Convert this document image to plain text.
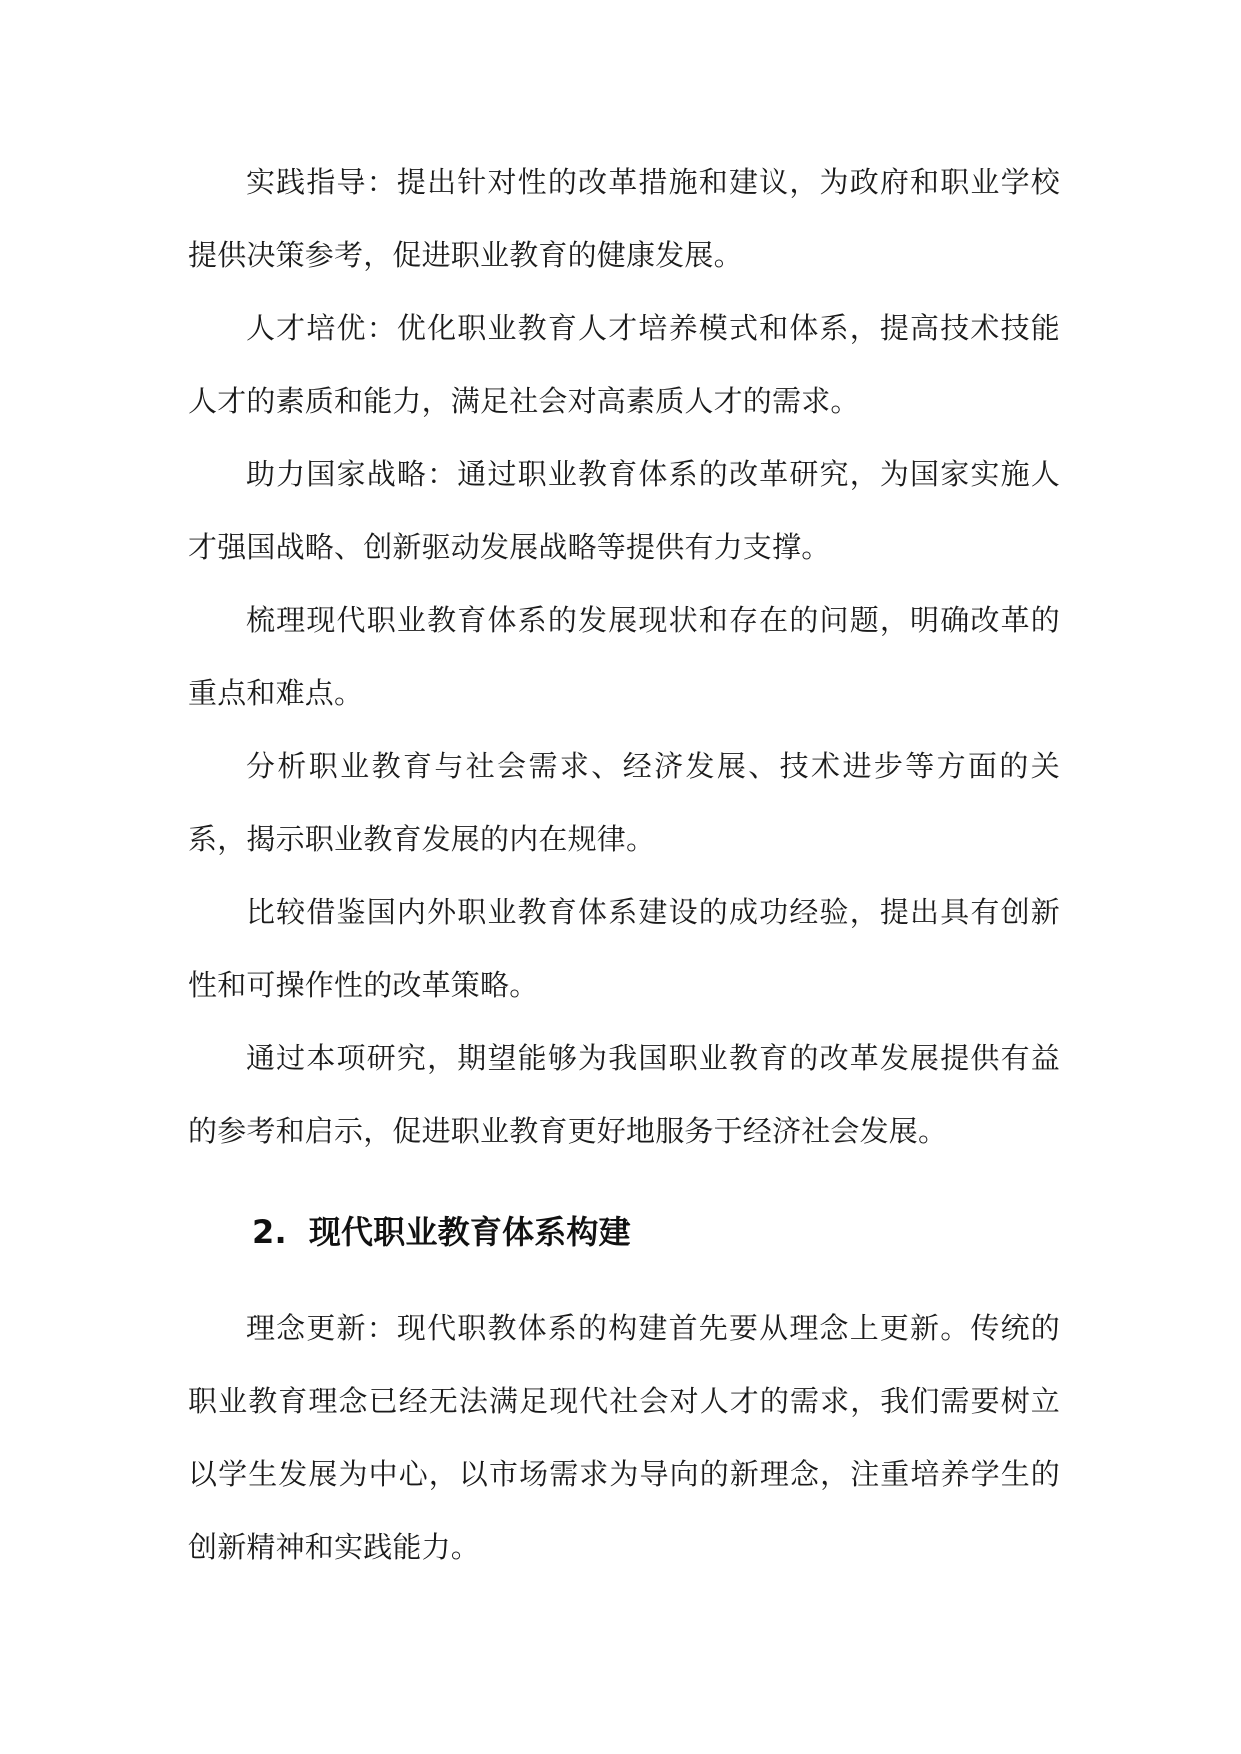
实践指导：提出针对性的改革措施和建议，为政府和职业学校提供决策参考，促进职业教育的健康发展。

人才培优：优化职业教育人才培养模式和体系，提高技术技能人才的素质和能力，满足社会对高素质人才的需求。

助力国家战略：通过职业教育体系的改革研究，为国家实施人才强国战略、创新驱动发展战略等提供有力支撑。

梳理现代职业教育体系的发展现状和存在的问题，明确改革的重点和难点。

分析职业教育与社会需求、经济发展、技术进步等方面的关系，揭示职业教育发展的内在规律。

比较借鉴国内外职业教育体系建设的成功经验，提出具有创新性和可操作性的改革策略。

通过本项研究，期望能够为我国职业教育的改革发展提供有益的参考和启示，促进职业教育更好地服务于经济社会发展。

2. 现代职业教育体系构建

理念更新：现代职教体系的构建首先要从理念上更新。传统的职业教育理念已经无法满足现代社会对人才的需求，我们需要树立以学生发展为中心，以市场需求为导向的新理念，注重培养学生的创新精神和实践能力。
